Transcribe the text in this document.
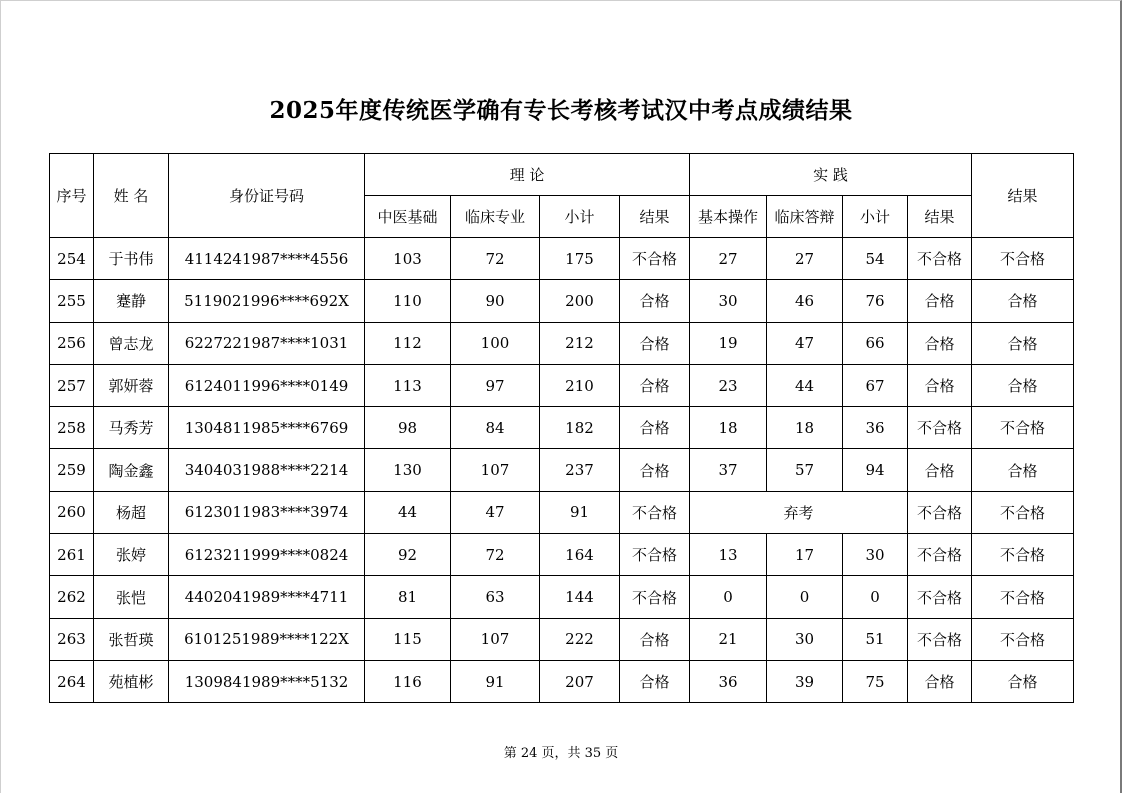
2025年度传统医学确有专长考核考试汉中考点成绩结果
序号	姓 名	身份证号码	理 论				实 践				结果
			中医基础	临床专业	小计	结果	基本操作	临床答辩	小计	结果	
254	于书伟	4114241987****4556	103	72	175	不合格	27	27	54	不合格	不合格
255	蹇静	5119021996****692X	110	90	200	合格	30	46	76	合格	合格
256	曾志龙	6227221987****1031	112	100	212	合格	19	47	66	合格	合格
257	郭妍蓉	6124011996****0149	113	97	210	合格	23	44	67	合格	合格
258	马秀芳	1304811985****6769	98	84	182	合格	18	18	36	不合格	不合格
259	陶金鑫	3404031988****2214	130	107	237	合格	37	57	94	合格	合格
260	杨超	6123011983****3974	44	47	91	不合格	弃考			不合格	不合格
261	张婷	6123211999****0824	92	72	164	不合格	13	17	30	不合格	不合格
262	张恺	4402041989****4711	81	63	144	不合格	0	0	0	不合格	不合格
263	张哲瑛	6101251989****122X	115	107	222	合格	21	30	51	不合格	不合格
264	苑植彬	1309841989****5132	116	91	207	合格	36	39	75	合格	合格
第 24 页，共 35 页
